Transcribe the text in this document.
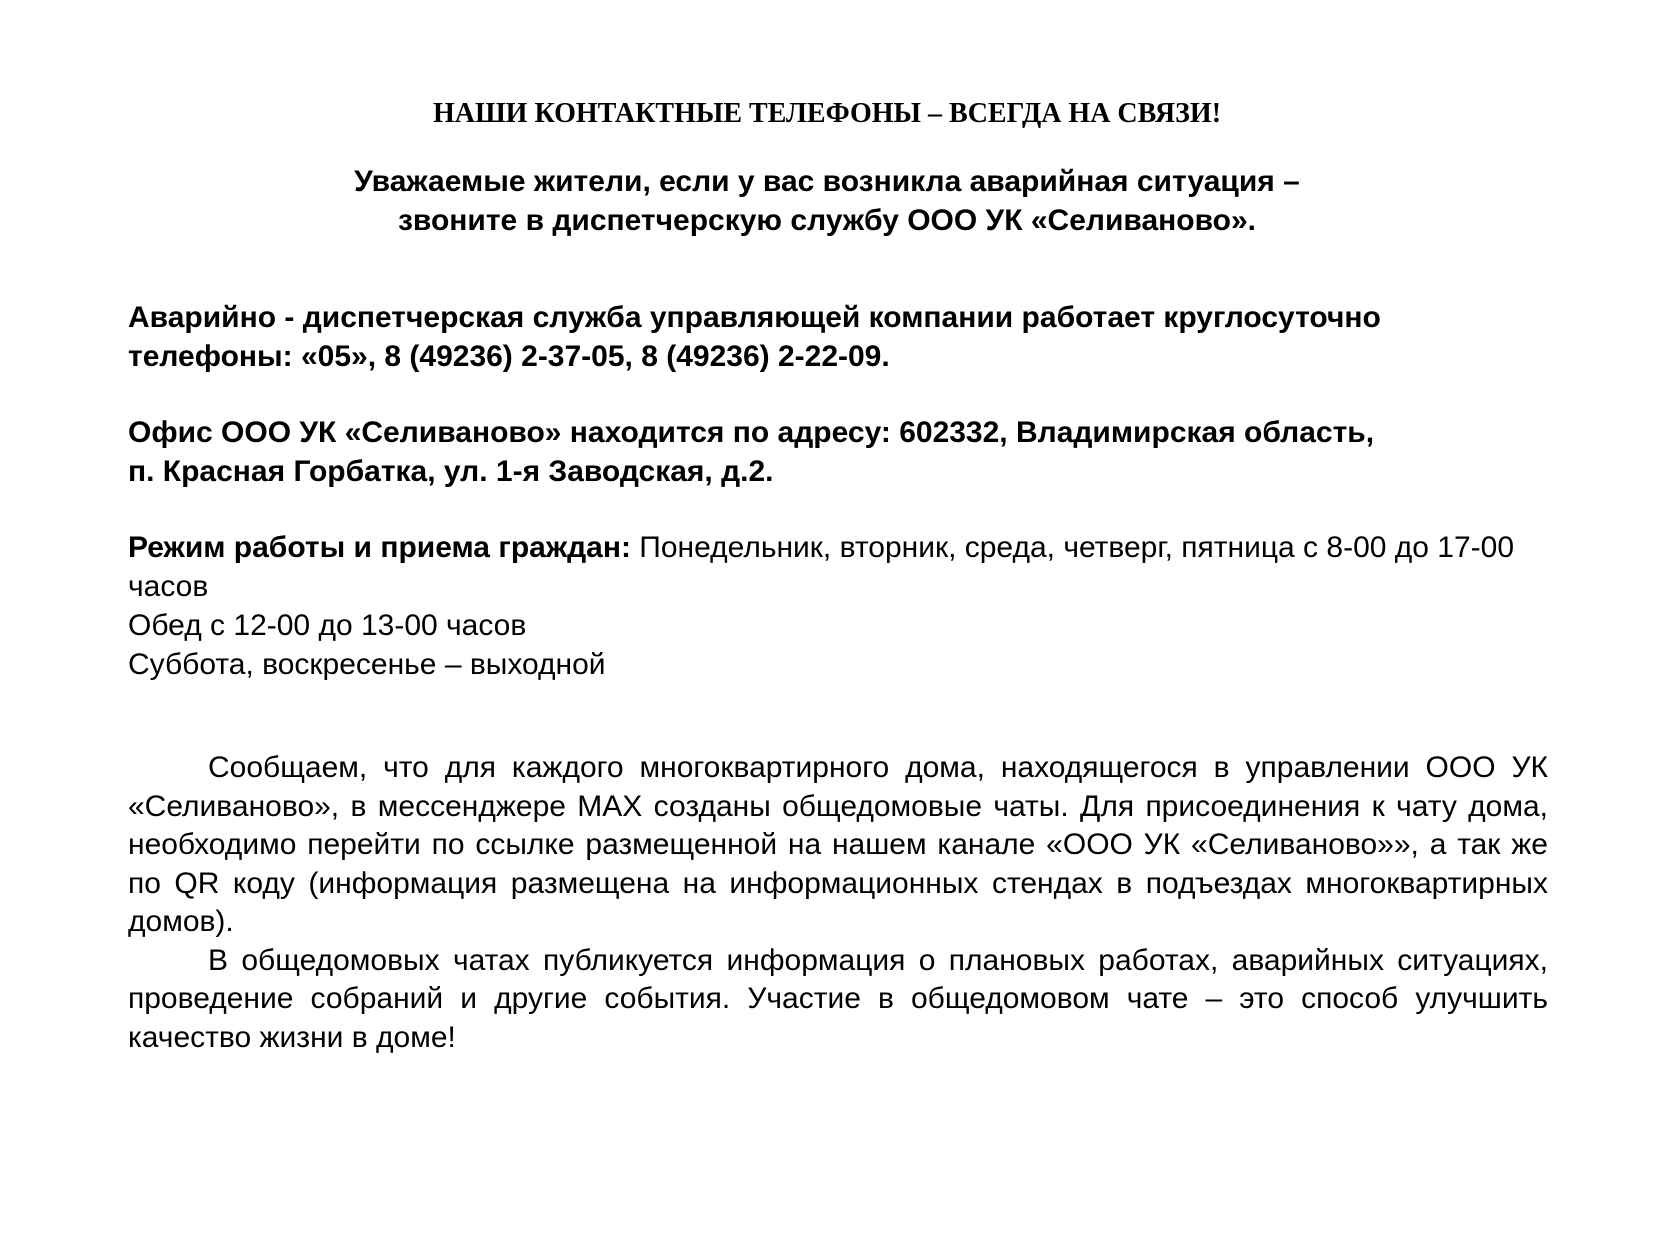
НАШИ КОНТАКТНЫЕ ТЕЛЕФОНЫ – ВСЕГДА НА СВЯЗИ!
Уважаемые жители, если у вас возникла аварийная ситуация –
звоните в диспетчерскую службу ООО УК «Селиваново».
Аварийно - диспетчерская служба управляющей компании работает круглосуточно
телефоны: «05», 8 (49236) 2-37-05, 8 (49236) 2-22-09.
Офис ООО УК «Селиваново» находится по адресу: 602332, Владимирская область,
п. Красная Горбатка, ул. 1-я Заводская, д.2.
Режим работы и приема граждан: Понедельник, вторник, среда, четверг, пятница с 8-00 до 17-00 часов
Обед с 12-00 до 13-00 часов
Суббота, воскресенье – выходной

Сообщаем, что для каждого многоквартирного дома, находящегося в управлении ООО УК «Селиваново», в мессенджере MAX созданы общедомовые чаты. Для присоединения к чату дома, необходимо перейти по ссылке размещенной на нашем канале «ООО УК «Селиваново»», а так же по QR коду (информация размещена на информационных стендах в подъездах многоквартирных домов).

В общедомовых чатах публикуется информация о плановых работах, аварийных ситуациях, проведение собраний и другие события. Участие в общедомовом чате – это способ улучшить качество жизни в доме!
